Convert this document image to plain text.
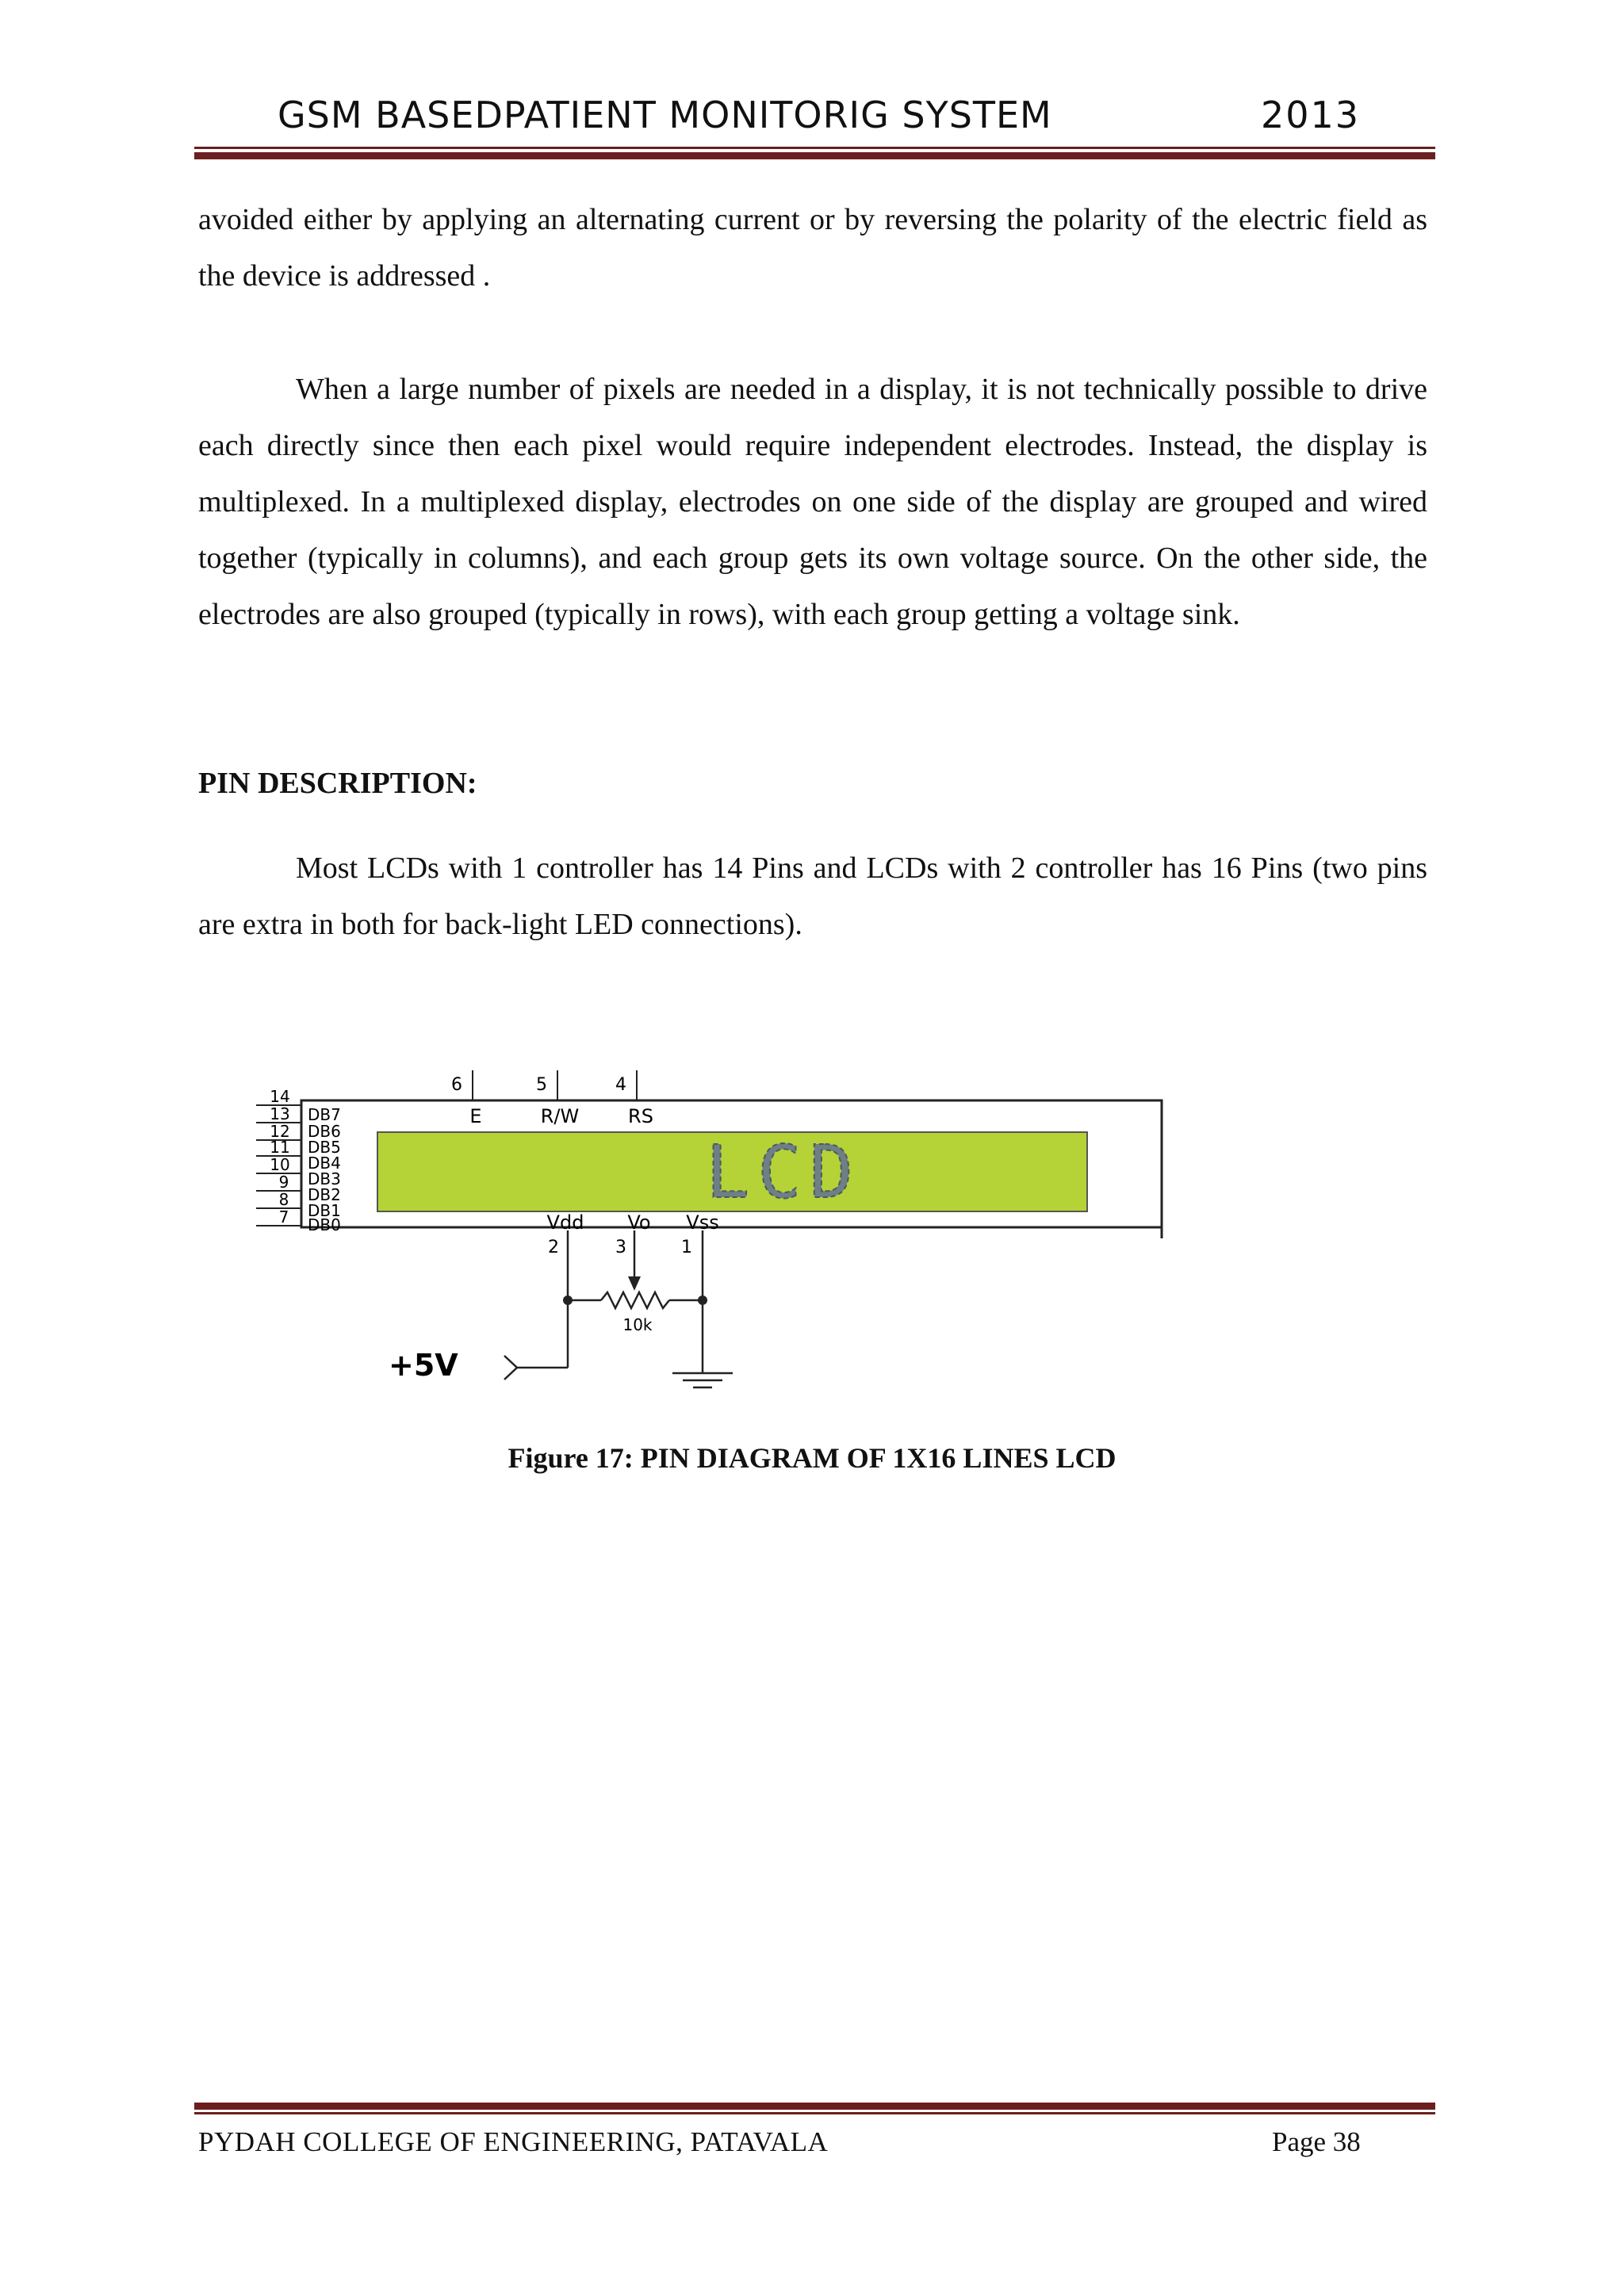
GSM BASEDPATIENT MONITORIG SYSTEM	2013

avoided either by applying an alternating current or by reversing the polarity of the electric field as the device is addressed .

When a large number of pixels are needed in a display, it is not technically possible to drive each directly since then each pixel would require independent electrodes. Instead, the display is multiplexed. In a multiplexed display, electrodes on one side of the display are grouped and wired together (typically in columns), and each group gets its own voltage source. On the other side, the electrodes are also grouped (typically in rows), with each group getting a voltage sink.

PIN DESCRIPTION:

Most LCDs with 1 controller has 14 Pins and LCDs with 2 controller has 16 Pins (two pins are extra in both for back-light LED connections).

LCD
14
13
12
11
10
9
8
7
DB7
DB6
DB5
DB4
DB3
DB2
DB1
DB0
6	5	4
E	R/W	RS
Vdd Vo Vss
2	3	1
10k
+5V

Figure 17: PIN DIAGRAM OF 1X16 LINES LCD

PYDAH COLLEGE OF ENGINEERING, PATAVALA	Page 38
